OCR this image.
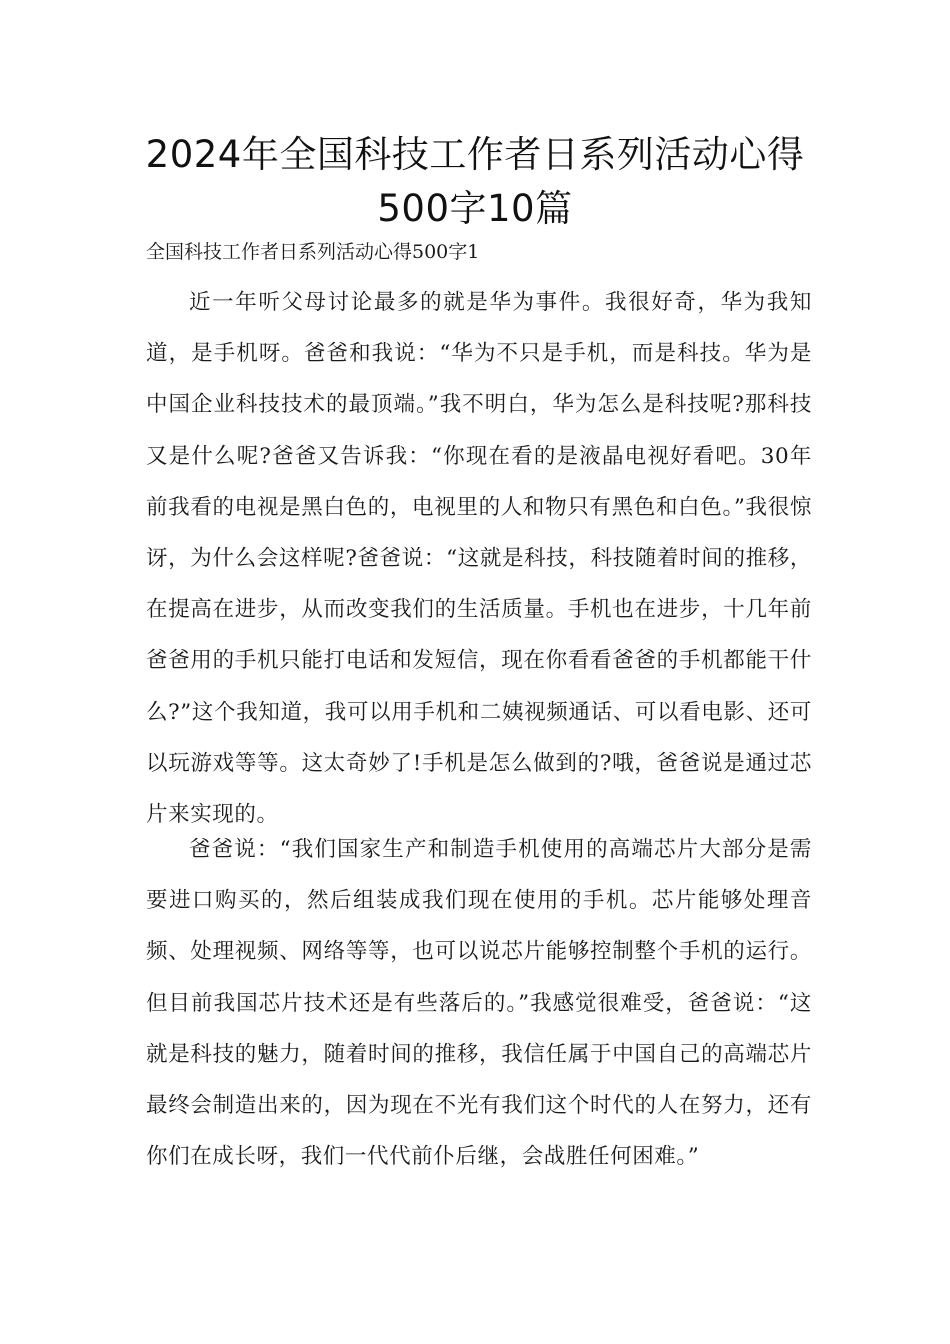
2024年全国科技工作者日系列活动心得500字10篇
全国科技工作者日系列活动心得500字1

近一年听父母讨论最多的就是华为事件。我很好奇，华为我知道，是手机呀。爸爸和我说：“华为不只是手机，而是科技。华为是中国企业科技技术的最顶端。”我不明白，华为怎么是科技呢?那科技又是什么呢?爸爸又告诉我：“你现在看的是液晶电视好看吧。30年前我看的电视是黑白色的，电视里的人和物只有黑色和白色。”我很惊讶，为什么会这样呢?爸爸说：“这就是科技，科技随着时间的推移，在提高在进步，从而改变我们的生活质量。手机也在进步，十几年前爸爸用的手机只能打电话和发短信，现在你看看爸爸的手机都能干什么?”这个我知道，我可以用手机和二姨视频通话、可以看电影、还可以玩游戏等等。这太奇妙了!手机是怎么做到的?哦，爸爸说是通过芯片来实现的。

爸爸说：“我们国家生产和制造手机使用的高端芯片大部分是需要进口购买的，然后组装成我们现在使用的手机。芯片能够处理音频、处理视频、网络等等，也可以说芯片能够控制整个手机的运行。但目前我国芯片技术还是有些落后的。”我感觉很难受，爸爸说：“这就是科技的魅力，随着时间的推移，我信任属于中国自己的高端芯片最终会制造出来的，因为现在不光有我们这个时代的人在努力，还有你们在成长呀，我们一代代前仆后继，会战胜任何困难。”
